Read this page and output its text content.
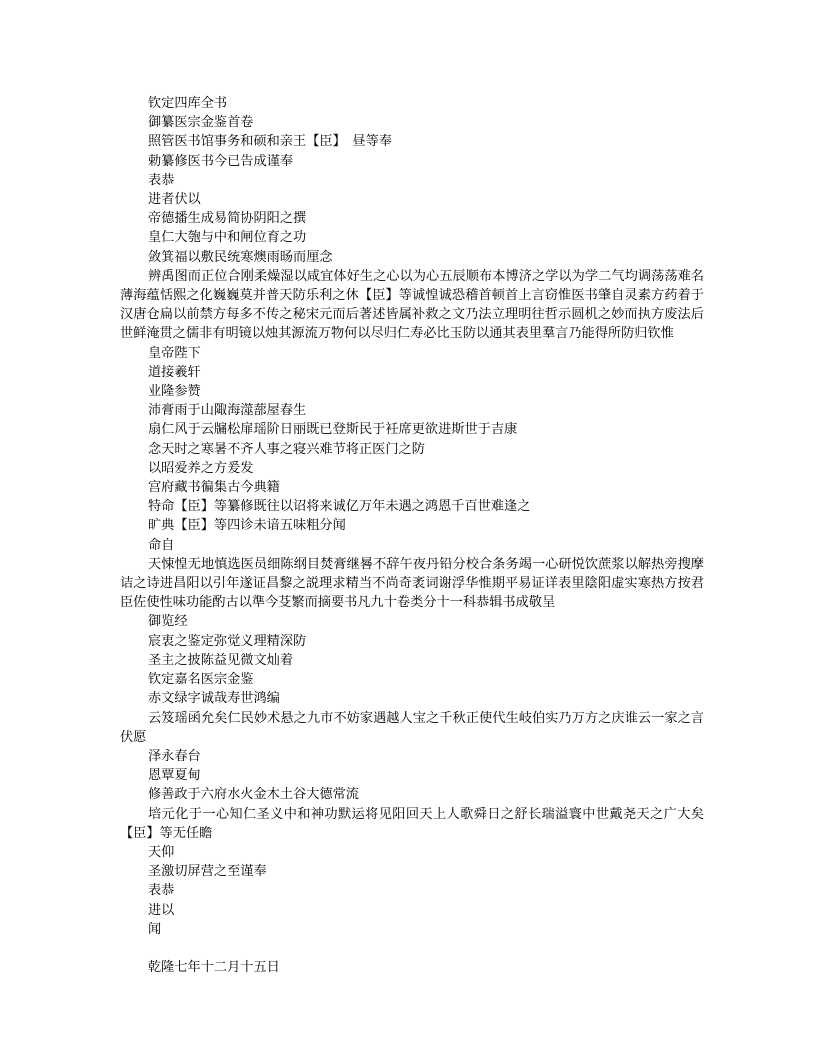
钦定四库全书

御纂医宗金鉴首卷

照管医书馆事务和硕和亲王【臣】　昼等奉

勅纂修医书今已告成谨奉

表恭

进者伏以

帝德播生成易简协阴阳之撰

皇仁大匏与中和闸位育之功

敛箕福以敷民统寒燠雨旸而厘念

辨禹图而正位合刚柔燥湿以咸宜体好生之心以为心五辰顺布本博济之学以为学二气均调荡荡难名薄海蕴恬熙之化巍巍莫并普天防乐利之休【臣】等诚惶诚恐稽首顿首上言窃惟医书肇自灵素方药着于汉唐仓扁以前禁方每多不传之秘宋元而后著述皆属补救之文乃法立理明往哲示圆机之妙而执方废法后世鲜淹贯之儒非有明镜以烛其源流万物何以尽归仁寿必比玉防以通其表里羣言乃能得所防归钦惟

皇帝陛下

道接羲轩

业隆参赞

沛膏雨于山陬海澨蔀屋春生

扇仁风于云牖松扉瑶阶日丽既已登斯民于衽席更欲进斯世于吉康

念天时之寒暑不齐人事之寝兴难节将正医门之防

以昭爱养之方爰发

宫府藏书徧集古今典籍

特命【臣】等纂修既往以诏将来诚亿万年未遇之鸿恩千百世难逢之

旷典【臣】等四诊未谙五味粗分闻

命自

天悚惶无地慎选医员细陈纲目焚膏继晷不辞午夜丹铅分校合条务竭一心研悦饮蔗浆以解热旁搜摩诘之诗进昌阳以引年遂证昌黎之説理求精当不尚奇袤词谢浮华惟期平易证详表里陰阳虚实寒热方按君臣佐使性味功能酌古以準今芟繁而摘要书凡九十卷类分十一科恭辑书成敬呈

御览经

宸衷之鉴定弥觉义理精深防

圣主之披陈益见微文灿着

钦定嘉名医宗金鉴

赤文绿字诚哉寿世鸿编

云笈瑶函允矣仁民妙术悬之九市不妨家遇越人宝之千秋正使代生岐伯实乃万方之庆谁云一家之言伏愿

泽永春台

恩覃夏甸

修善政于六府水火金木土谷大德常流

培元化于一心知仁圣义中和神功默运将见阳回天上人歌舜日之舒长瑞溢寰中世戴尧天之广大矣【臣】等无任瞻

天仰

圣激切屏营之至谨奉

表恭

进以

闻

乾隆七年十二月十五日
